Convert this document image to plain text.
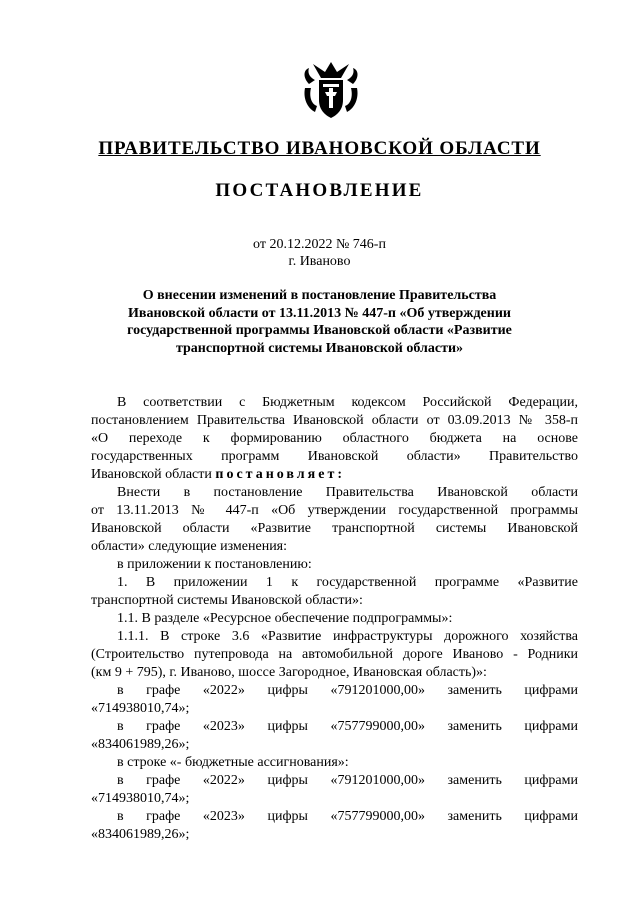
ПРАВИТЕЛЬСТВО ИВАНОВСКОЙ ОБЛАСТИ
ПОСТАНОВЛЕНИЕ
от 20.12.2022 № 746-п
г. Иваново
О внесении изменений в постановление Правительства
Ивановской области от 13.11.2013 № 447-п «Об утверждении
государственной программы Ивановской области «Развитие
транспортной системы Ивановской области»
В соответствии с Бюджетным кодексом Российской Федерации,
постановлением Правительства Ивановской области от 03.09.2013 № 358-п
«О переходе к формированию областного бюджета на основе
государственных программ Ивановской области» Правительство
Ивановской области постановляет:
Внести в постановление Правительства Ивановской области
от 13.11.2013 № 447-п «Об утверждении государственной программы
Ивановской области «Развитие транспортной системы Ивановской
области» следующие изменения:
в приложении к постановлению:
1. В приложении 1 к государственной программе «Развитие
транспортной системы Ивановской области»:
1.1. В разделе «Ресурсное обеспечение подпрограммы»:
1.1.1. В строке 3.6 «Развитие инфраструктуры дорожного хозяйства
(Строительство путепровода на автомобильной дороге Иваново - Родники
(км 9 + 795), г. Иваново, шоссе Загородное, Ивановская область)»:
в графе «2022» цифры «791201000,00» заменить цифрами
«714938010,74»;
в графе «2023» цифры «757799000,00» заменить цифрами
«834061989,26»;
в строке «- бюджетные ассигнования»:
в графе «2022» цифры «791201000,00» заменить цифрами
«714938010,74»;
в графе «2023» цифры «757799000,00» заменить цифрами
«834061989,26»;
